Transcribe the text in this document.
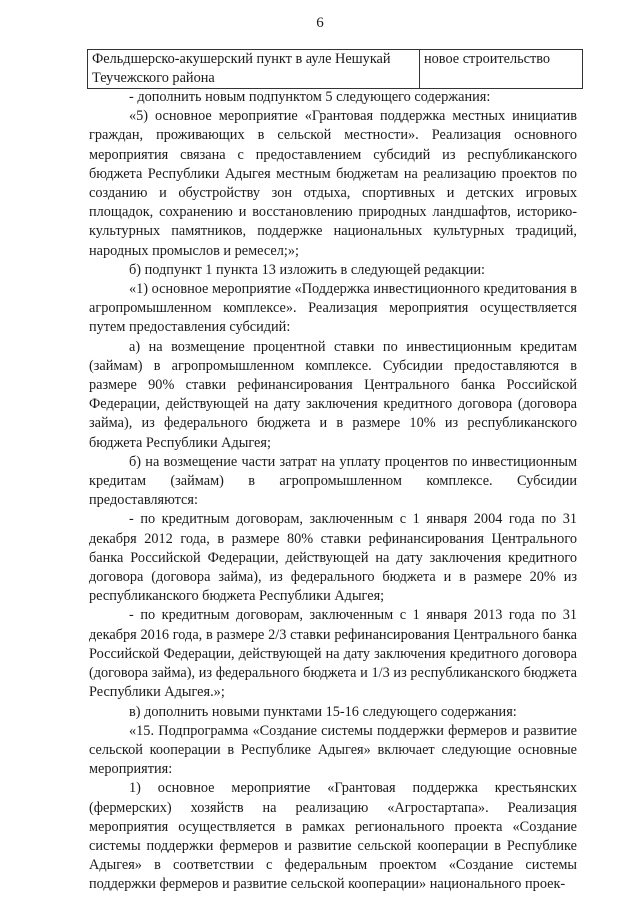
6
Фельдшерско-акушерский пункт в ауле Нешукай Теучежского района	новое строительство

- дополнить новым подпунктом 5 следующего содержания:

«5) основное мероприятие «Грантовая поддержка местных инициатив граждан, проживающих в сельской местности». Реализация основного мероприятия связана с предоставлением субсидий из республиканского бюджета Республики Адыгея местным бюджетам на реализацию проектов по созданию и обустройству зон отдыха, спортивных и детских игровых площадок, сохранению и восстановлению природных ландшафтов, историко-культурных памятников, поддержке национальных культурных традиций, народных промыслов и ремесел;»;

б) подпункт 1 пункта 13 изложить в следующей редакции:

«1) основное мероприятие «Поддержка инвестиционного кредитования в агропромышленном комплексе». Реализация мероприятия осуществляется путем предоставления субсидий:

а) на возмещение процентной ставки по инвестиционным кредитам (займам) в агропромышленном комплексе. Субсидии предоставляются в размере 90% ставки рефинансирования Центрального банка Российской Федерации, действующей на дату заключения кредитного договора (договора займа), из федерального бюджета и в размере 10% из республиканского бюджета Республики Адыгея;

б) на возмещение части затрат на уплату процентов по инвестиционным кредитам (займам) в агропромышленном комплексе. Субсидии предоставляются:

- по кредитным договорам, заключенным с 1 января 2004 года по 31 декабря 2012 года, в размере 80% ставки рефинансирования Центрального банка Российской Федерации, действующей на дату заключения кредитного договора (договора займа), из федерального бюджета и в размере 20% из республиканского бюджета Республики Адыгея;

- по кредитным договорам, заключенным с 1 января 2013 года по 31 декабря 2016 года, в размере 2/3 ставки рефинансирования Центрального банка Российской Федерации, действующей на дату заключения кредитного договора (договора займа), из федерального бюджета и 1/3 из республиканского бюджета Республики Адыгея.»;

в) дополнить новыми пунктами 15-16 следующего содержания:

«15. Подпрограмма «Создание системы поддержки фермеров и развитие сельской кооперации в Республике Адыгея» включает следующие основные мероприятия:

1) основное мероприятие «Грантовая поддержка крестьянских (фермерских) хозяйств на реализацию «Агростартапа». Реализация мероприятия осуществляется в рамках регионального проекта «Создание системы поддержки фермеров и развитие сельской кооперации в Республике Адыгея» в соответствии с федеральным проектом «Создание системы поддержки фермеров и развитие сельской кооперации» национального проек-
